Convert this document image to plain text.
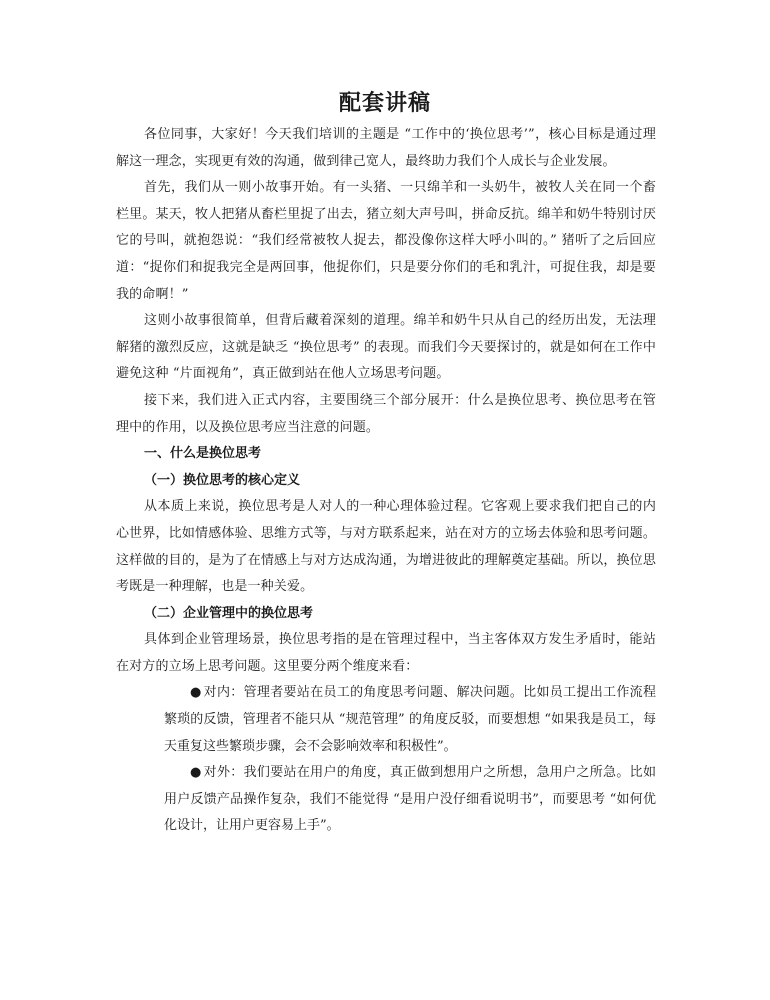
配套讲稿

各位同事，大家好！今天我们培训的主题是 “工作中的‘换位思考’”，核心目标是通过理解这一理念，实现更有效的沟通，做到律己宽人，最终助力我们个人成长与企业发展。

首先，我们从一则小故事开始。有一头猪、一只绵羊和一头奶牛，被牧人关在同一个畜栏里。某天，牧人把猪从畜栏里捉了出去，猪立刻大声号叫，拼命反抗。绵羊和奶牛特别讨厌它的号叫，就抱怨说：“我们经常被牧人捉去，都没像你这样大呼小叫的。” 猪听了之后回应道：“捉你们和捉我完全是两回事，他捉你们，只是要分你们的毛和乳汁，可捉住我，却是要我的命啊！”

这则小故事很简单，但背后藏着深刻的道理。绵羊和奶牛只从自己的经历出发，无法理解猪的激烈反应，这就是缺乏 “换位思考” 的表现。而我们今天要探讨的，就是如何在工作中避免这种 “片面视角”，真正做到站在他人立场思考问题。

接下来，我们进入正式内容，主要围绕三个部分展开：什么是换位思考、换位思考在管理中的作用，以及换位思考应当注意的问题。

一、什么是换位思考

（一）换位思考的核心定义

从本质上来说，换位思考是人对人的一种心理体验过程。它客观上要求我们把自己的内心世界，比如情感体验、思维方式等，与对方联系起来，站在对方的立场去体验和思考问题。这样做的目的，是为了在情感上与对方达成沟通，为增进彼此的理解奠定基础。所以，换位思考既是一种理解，也是一种关爱。

（二）企业管理中的换位思考

具体到企业管理场景，换位思考指的是在管理过程中，当主客体双方发生矛盾时，能站在对方的立场上思考问题。这里要分两个维度来看：

● 对内：管理者要站在员工的角度思考问题、解决问题。比如员工提出工作流程繁琐的反馈，管理者不能只从 “规范管理” 的角度反驳，而要想想 “如果我是员工，每天重复这些繁琐步骤，会不会影响效率和积极性”。

● 对外：我们要站在用户的角度，真正做到想用户之所想，急用户之所急。比如用户反馈产品操作复杂，我们不能觉得 “是用户没仔细看说明书”，而要思考 “如何优化设计，让用户更容易上手”。
